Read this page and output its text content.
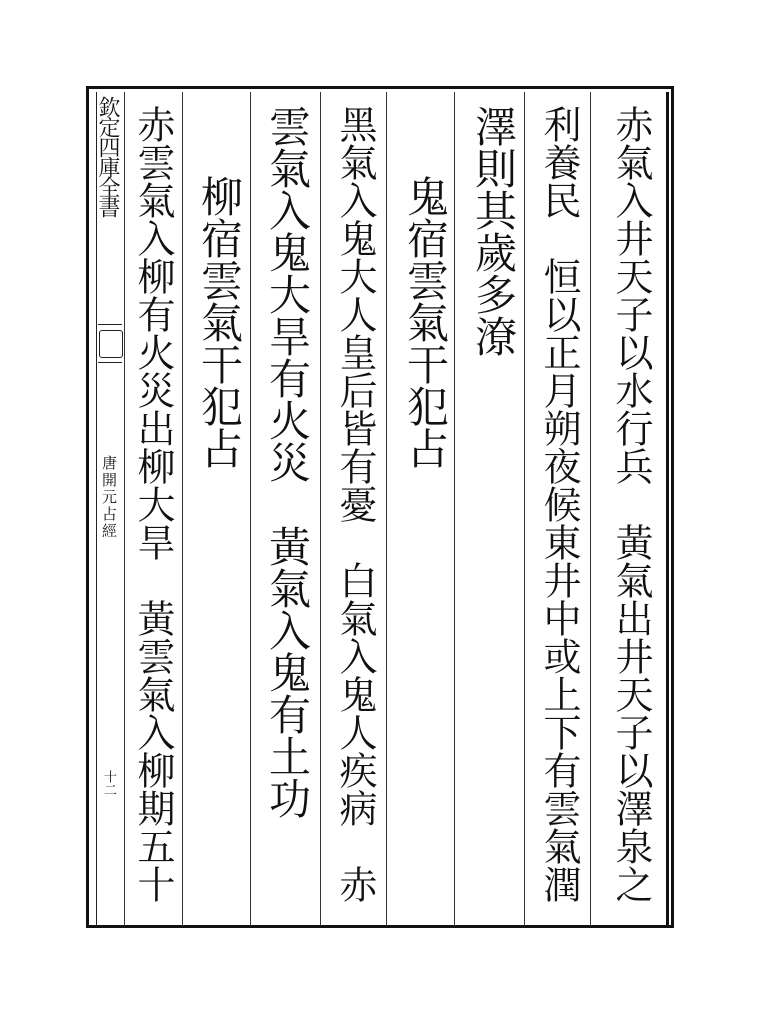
欽定四庫全書
唐開元占經
十二	赤氣入井天子以水行兵　黃氣出井天子以澤泉之
利養民　恒以正月朔夜候東井中或上下有雲氣潤
澤則其歲多潦
鬼宿雲氣干犯占
黑氣入鬼大人皇后皆有憂　白氣入鬼人疾病　赤
雲氣入鬼大旱有火災　黃氣入鬼有土功
柳宿雲氣干犯占
赤雲氣入柳有火災出柳大旱　黃雲氣入柳期五十
